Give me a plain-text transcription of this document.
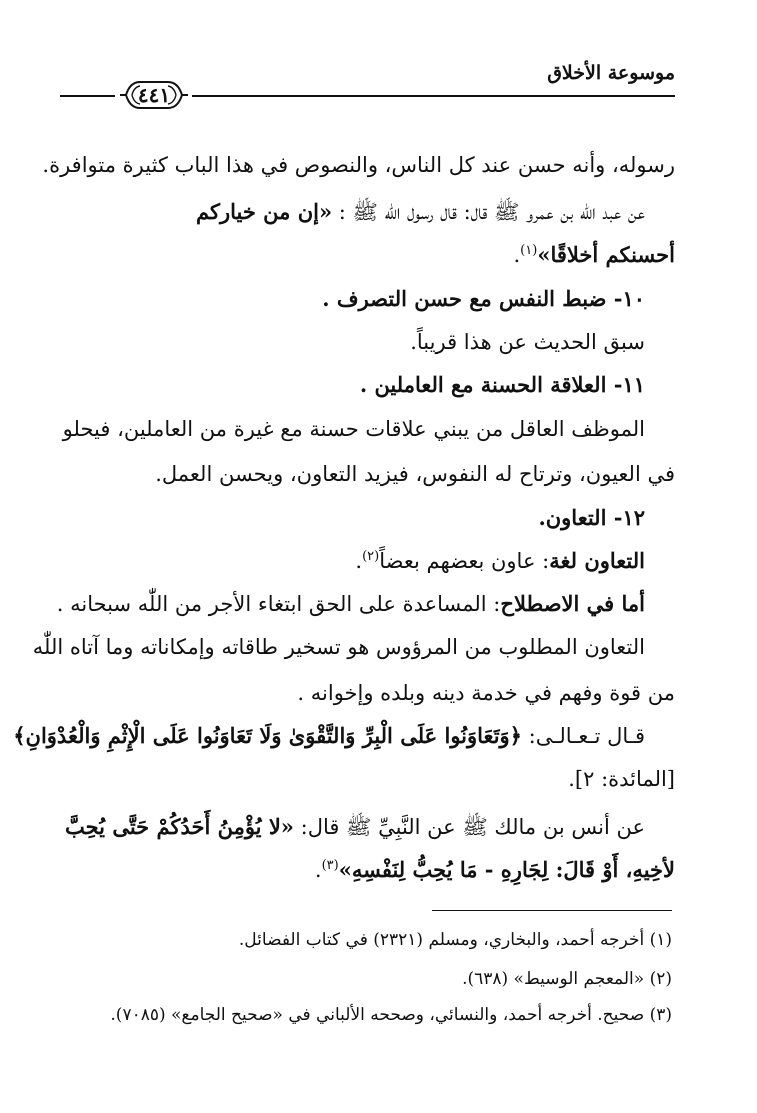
موسوعة الأخلاق
٤٤١
رسوله، وأنه حسن عند كل الناس، والنصوص في هذا الباب كثيرة متوافرة.
عن عبد اللّٰه بن عمرو ﷺ قال: قال رسول اللّٰه ﷺ : «إن من خياركم
أحسنكم أخلاقًا»$^{(١)}$.
١٠- ضبط النفس مع حسن التصرف .
سبق الحديث عن هذا قريباً.
١١- العلاقة الحسنة مع العاملين .
الموظف العاقل من يبني علاقات حسنة مع غيرة من العاملين، فيحلو
في العيون، وترتاح له النفوس، فيزيد التعاون، ويحسن العمل.
١٢- التعاون.
التعاون لغة: عاون بعضهم بعضاً$^{(٢)}$.
أما في الاصطلاح: المساعدة على الحق ابتغاء الأجر من اللّٰه سبحانه .
التعاون المطلوب من المرؤوس هو تسخير طاقاته وإمكاناته وما آتاه اللّٰه
من قوة وفهم في خدمة دينه وبلده وإخوانه .
قـال تـعـالـى: ﴿وَتَعَاوَنُوا عَلَى الْبِرِّ وَالتَّقْوَىٰ وَلَا تَعَاوَنُوا عَلَى الْإِثْمِ وَالْعُدْوَانِ﴾
[المائدة: ٢].
عن أنس بن مالك ﷺ عن النَّبِيِّ ﷺ قال: «لا يُؤْمِنُ أَحَدُكُمْ حَتَّى يُحِبَّ
لأخِيهِ، أَوْ قَالَ: لِجَارِهِ - مَا يُحِبُّ لِنَفْسِهِ»$^{(٣)}$.
(١) أخرجه أحمد، والبخاري، ومسلم (٢٣٢١) في كتاب الفضائل.
(٢) «المعجم الوسيط» (٦٣٨).
(٣) صحيح. أخرجه أحمد، والنسائي، وصححه الألباني في «صحيح الجامع» (٧٠٨٥).
